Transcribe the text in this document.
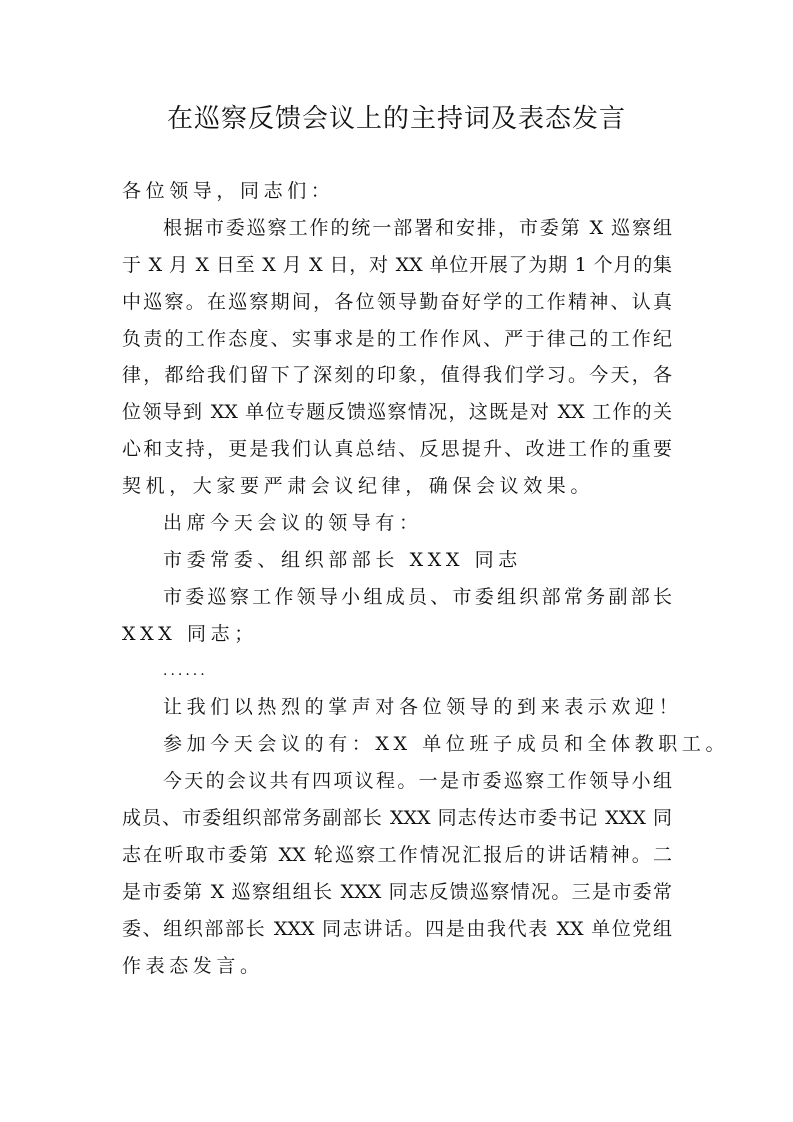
在巡察反馈会议上的主持词及表态发言
各位领导，同志们：
根据市委巡察工作的统一部署和安排，市委第 X 巡察组
于 X 月 X 日至 X 月 X 日，对 XX 单位开展了为期 1 个月的集
中巡察。在巡察期间，各位领导勤奋好学的工作精神、认真
负责的工作态度、实事求是的工作作风、严于律己的工作纪
律，都给我们留下了深刻的印象，值得我们学习。今天，各
位领导到 XX 单位专题反馈巡察情况，这既是对 XX 工作的关
心和支持，更是我们认真总结、反思提升、改进工作的重要
契机，大家要严肃会议纪律，确保会议效果。
出席今天会议的领导有：
市委常委、组织部部长 XXX 同志
市委巡察工作领导小组成员、市委组织部常务副部长
XXX 同志；
......
让我们以热烈的掌声对各位领导的到来表示欢迎！
参加今天会议的有：XX 单位班子成员和全体教职工。
今天的会议共有四项议程。一是市委巡察工作领导小组
成员、市委组织部常务副部长 XXX 同志传达市委书记 XXX 同
志在听取市委第 XX 轮巡察工作情况汇报后的讲话精神。二
是市委第 X 巡察组组长 XXX 同志反馈巡察情况。三是市委常
委、组织部部长 XXX 同志讲话。四是由我代表 XX 单位党组
作表态发言。
